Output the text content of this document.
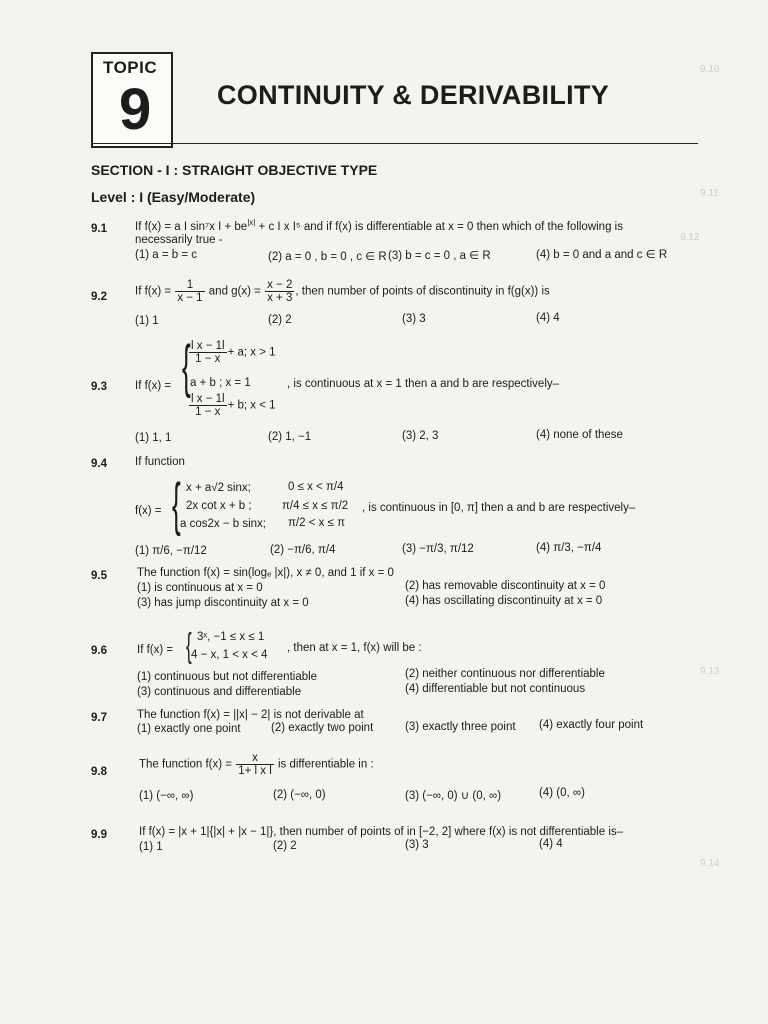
9.10
9.11
9.12
9.13
9.14
TOPIC
9 CONTINUITY & DERIVABILITY
SECTION - I : STRAIGHT OBJECTIVE TYPE
Level : I (Easy/Moderate)
9.1 If f(x) = a I sin⁷x $I + be^{|x|} + c$ I x I⁵ and if f(x) is differentiable at x = 0 then which of the following is
necessarily true -
(1) a = b = c	(2) a = 0 , b = 0 , c ∈ R (3) b = c = 0 , a ∈ R	(4) b = 0 and a and c ∈ R
9.2 If $f(x) = \frac{1}{x - 1}$ and $g(x) = \frac{x - 2}{x + 3}$ , then number of points of discontinuity in f(g(x)) is
(1) 1	(2) 2	(3) 3	(4) 4
9.3 If f(x) = {
$\frac{\text{l x − 1l}}{1 - x} + a$; x > 1
a + b ; x = 1
$\frac{\text{l x − 1l}}{1 - x} + b$; x < 1
, is continuous at x = 1 then a and b are respectively–
(1) 1, 1	(2) 1, −1	(3) 2, 3	(4) none of these
9.4 If function
f(x) = { x + a√2 sinx;	0 ≤ x < π/4
2x cot x + b ;	π/4 ≤ x ≤ π/2
a cos2x − b sinx; π/2 < x ≤ π
, is continuous in [0, π] then a and b are respectively–
(1) π/6, −π/12	(2) −π/6, π/4	(3) −π/3, π/12	(4) π/3, −π/4
9.5	The function f(x) = sin(logₑ |x|), x ≠ 0, and 1 if x = 0
(1) is continuous at x = 0	(2) has removable discontinuity at x = 0
(3) has jump discontinuity at x = 0	(4) has oscillating discontinuity at x = 0
9.6	If f(x) = { 3ˣ, −1 ≤ x ≤ 1
4 − x, 1 < x < 4
, then at x = 1, f(x) will be :
(1) continuous but not differentiable	(2) neither continuous nor differentiable
(3) continuous and differentiable	(4) differentiable but not continuous
9.7	The function f(x) = ||x| − 2| is not derivable at
(1) exactly one point	(2) exactly two point	(3) exactly three point (4) exactly four point
9.8
The function $f(x) = \frac{x}{\text{1+ l x l}}$ is differentiable in :
(1) (−∞, ∞)	(2) (−∞, 0)	(3) (−∞, 0) ∪ (0, ∞)	(4) (0, ∞)
9.9	If f(x) = |x + 1|{|x| + |x − 1|}, then number of points of in [−2, 2] where f(x) is not differentiable is–
(1) 1	(2) 2	(3) 3	(4) 4
